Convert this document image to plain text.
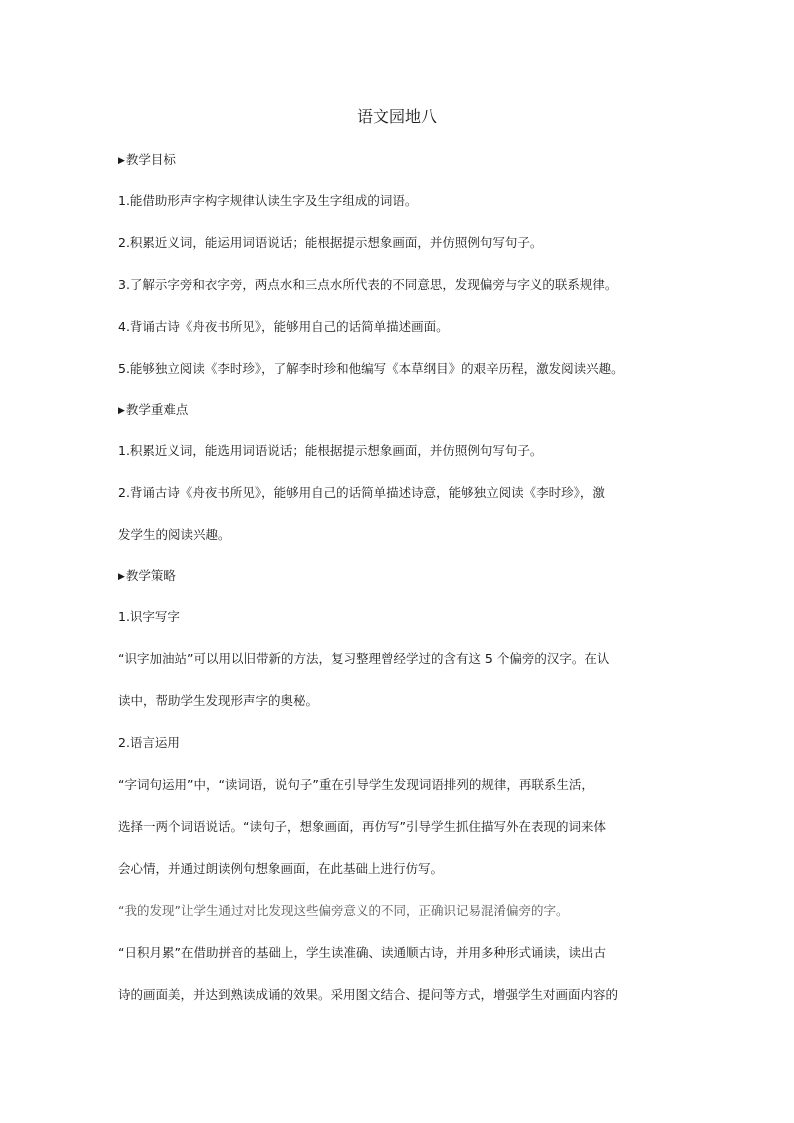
语文园地八
▶教学目标
1.能借助形声字构字规律认读生字及生字组成的词语。
2.积累近义词，能运用词语说话；能根据提示想象画面，并仿照例句写句子。
3.了解示字旁和衣字旁，两点水和三点水所代表的不同意思，发现偏旁与字义的联系规律。
4.背诵古诗《舟夜书所见》，能够用自己的话简单描述画面。
5.能够独立阅读《李时珍》，了解李时珍和他编写《本草纲目》的艰辛历程，激发阅读兴趣。
▶教学重难点
1.积累近义词，能选用词语说话；能根据提示想象画面，并仿照例句写句子。
2.背诵古诗《舟夜书所见》，能够用自己的话简单描述诗意，能够独立阅读《李时珍》，激
发学生的阅读兴趣。
▶教学策略
1.识字写字
“识字加油站”可以用以旧带新的方法，复习整理曾经学过的含有这 5 个偏旁的汉字。在认
读中，帮助学生发现形声字的奥秘。
2.语言运用
“字词句运用”中，“读词语，说句子”重在引导学生发现词语排列的规律，再联系生活，
选择一两个词语说话。“读句子，想象画面，再仿写”引导学生抓住描写外在表现的词来体
会心情，并通过朗读例句想象画面，在此基础上进行仿写。
“我的发现”让学生通过对比发现这些偏旁意义的不同，正确识记易混淆偏旁的字。
“日积月累”在借助拼音的基础上，学生读准确、读通顺古诗，并用多种形式诵读，读出古
诗的画面美，并达到熟读成诵的效果。采用图文结合、提问等方式，增强学生对画面内容的
